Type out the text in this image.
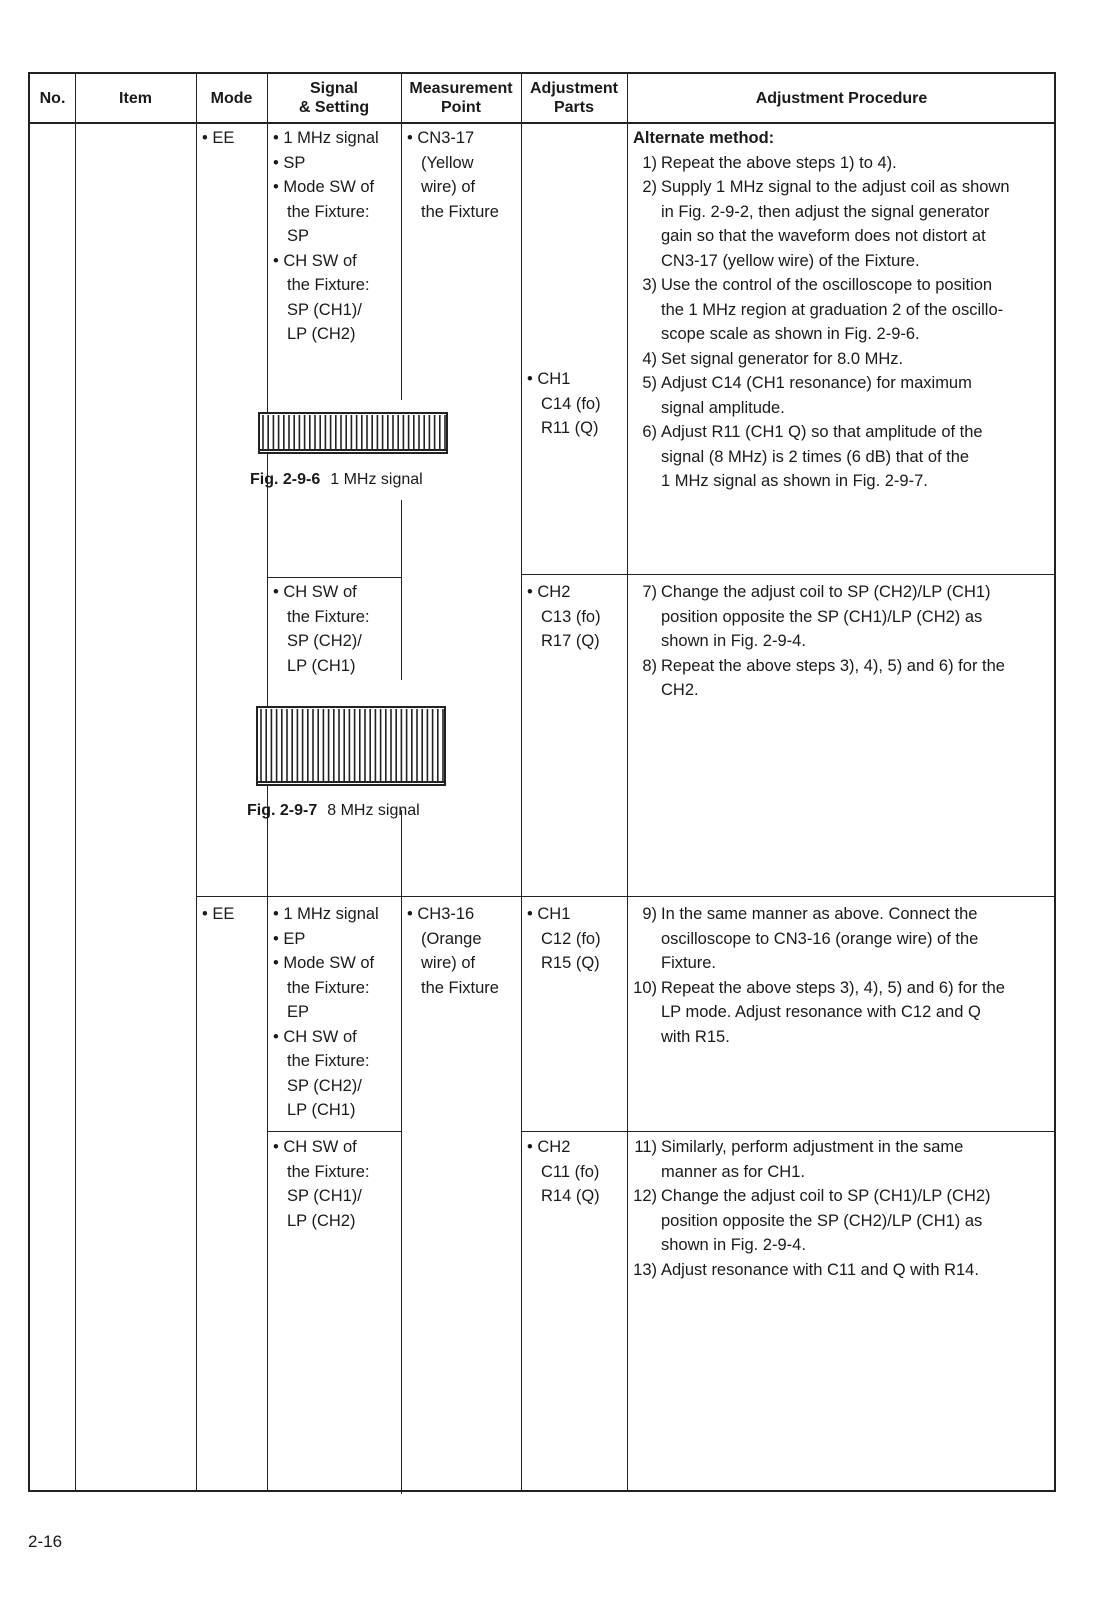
No.	Item	Mode
Signal
& Setting
Measurement
Point
Adjustment
Parts
Adjustment Procedure
• EE • 1 MHz signal
• SP
• Mode SW of
the Fixture:
SP
• CH SW of
the Fixture:
SP (CH1)/
LP (CH2)
• CN3-17
(Yellow
wire) of
the Fixture
• CH1
C14 (fo)
R11 (Q)
Alternate method:
1) Repeat the above steps 1) to 4).
2) Supply 1 MHz signal to the adjust coil as shown
in Fig. 2-9-2, then adjust the signal generator
gain so that the waveform does not distort at
CN3-17 (yellow wire) of the Fixture.
3) Use the control of the oscilloscope to position
the 1 MHz region at graduation 2 of the oscillo-
scope scale as shown in Fig. 2-9-6.
4) Set signal generator for 8.0 MHz.
5) Adjust C14 (CH1 resonance) for maximum
signal amplitude.
6) Adjust R11 (CH1 Q) so that amplitude of the
signal (8 MHz) is 2 times (6 dB) that of the
1 MHz signal as shown in Fig. 2-9-7.
Fig. 2-9-6 1 MHz signal
• CH SW of
the Fixture:
SP (CH2)/
LP (CH1)
• CH2
C13 (fo)
R17 (Q)
7) Change the adjust coil to SP (CH2)/LP (CH1)
position opposite the SP (CH1)/LP (CH2) as
shown in Fig. 2-9-4.
8) Repeat the above steps 3), 4), 5) and 6) for the
CH2.
Fig. 2-9-7 8 MHz signal
• EE • 1 MHz signal
• EP
• Mode SW of
the Fixture:
EP
• CH SW of
the Fixture:
SP (CH2)/
LP (CH1)
• CH3-16
(Orange
wire) of
the Fixture
• CH1
C12 (fo)
R15 (Q)
9) In the same manner as above. Connect the
oscilloscope to CN3-16 (orange wire) of the
Fixture.
10) Repeat the above steps 3), 4), 5) and 6) for the
LP mode. Adjust resonance with C12 and Q
with R15.
• CH SW of
the Fixture:
SP (CH1)/
LP (CH2)
• CH2
C11 (fo)
R14 (Q)
11) Similarly, perform adjustment in the same
manner as for CH1.
12) Change the adjust coil to SP (CH1)/LP (CH2)
position opposite the SP (CH2)/LP (CH1) as
shown in Fig. 2-9-4.
13) Adjust resonance with C11 and Q with R14.
2-16
